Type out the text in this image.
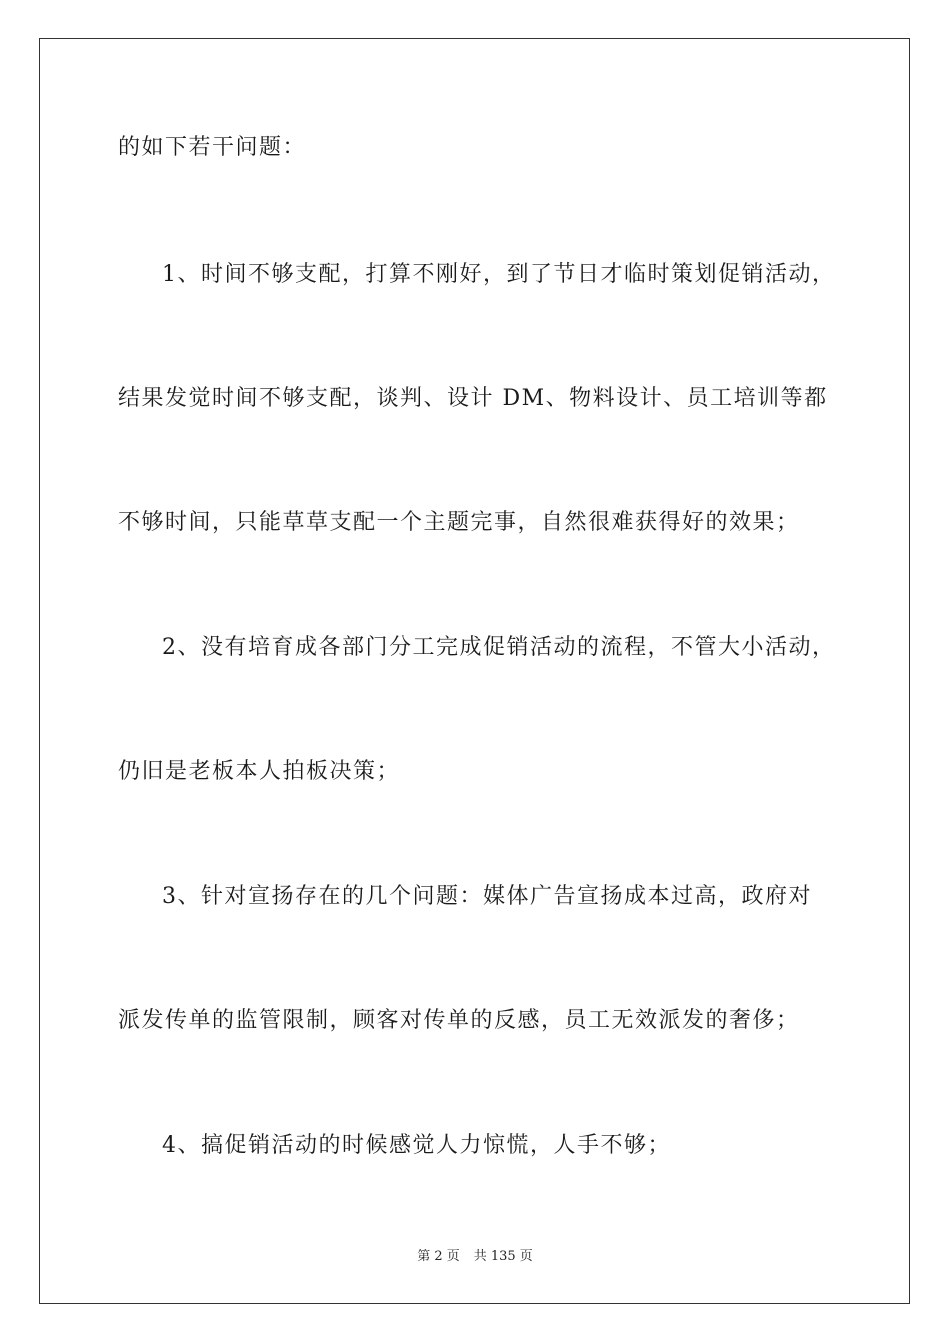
的如下若干问题：
1、时间不够支配，打算不刚好，到了节日才临时策划促销活动，
结果发觉时间不够支配，谈判、设计 DM、物料设计、员工培训等都
不够时间，只能草草支配一个主题完事，自然很难获得好的效果；
2、没有培育成各部门分工完成促销活动的流程，不管大小活动，
仍旧是老板本人拍板决策；
3、针对宣扬存在的几个问题：媒体广告宣扬成本过高，政府对
派发传单的监管限制，顾客对传单的反感，员工无效派发的奢侈；
4、搞促销活动的时候感觉人力惊慌，人手不够；
第 2 页 共 135 页
